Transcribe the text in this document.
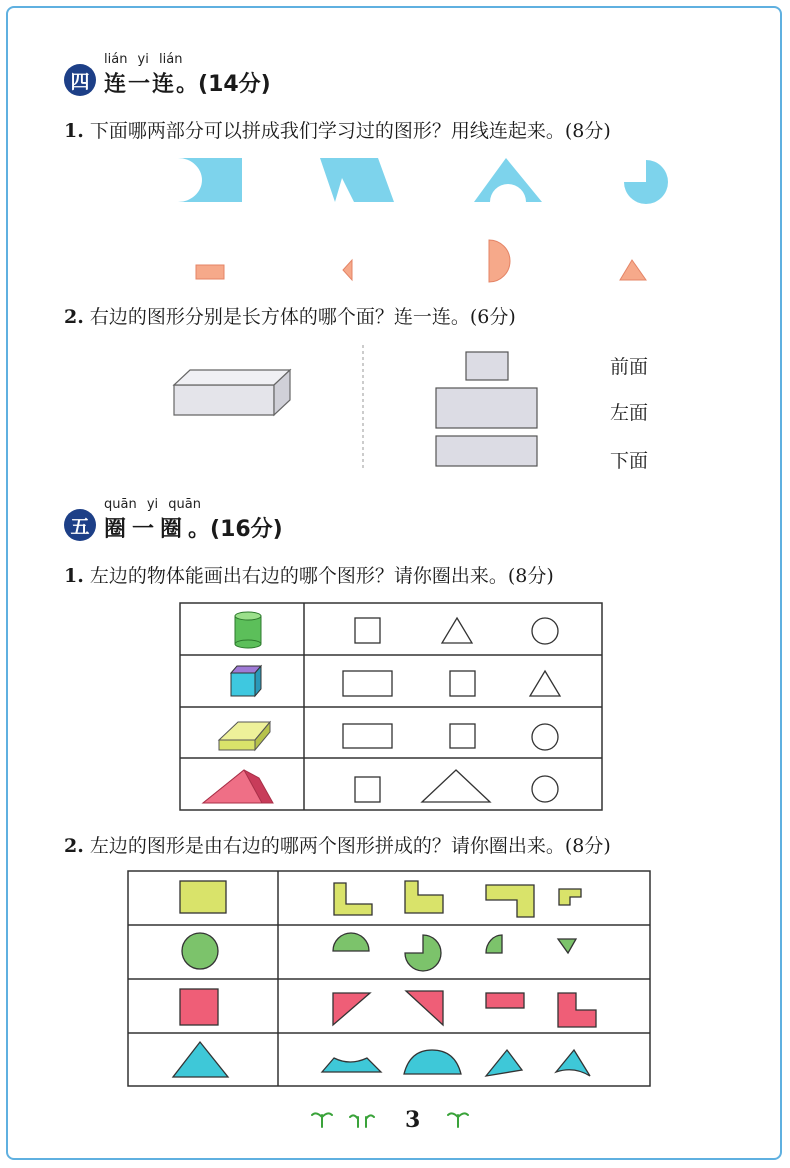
lián yi lián
四 连一连。(14分)
1. 下面哪两部分可以拼成我们学习过的图形？用线连起来。(8分)
2. 右边的图形分别是长方体的哪个面？连一连。(6分)
前面
左面
下面
quān yi quān
五 圈一圈。(16分)
1. 左边的物体能画出右边的哪个图形？请你圈出来。(8分)
2. 左边的图形是由右边的哪两个图形拼成的？请你圈出来。(8分)
3
